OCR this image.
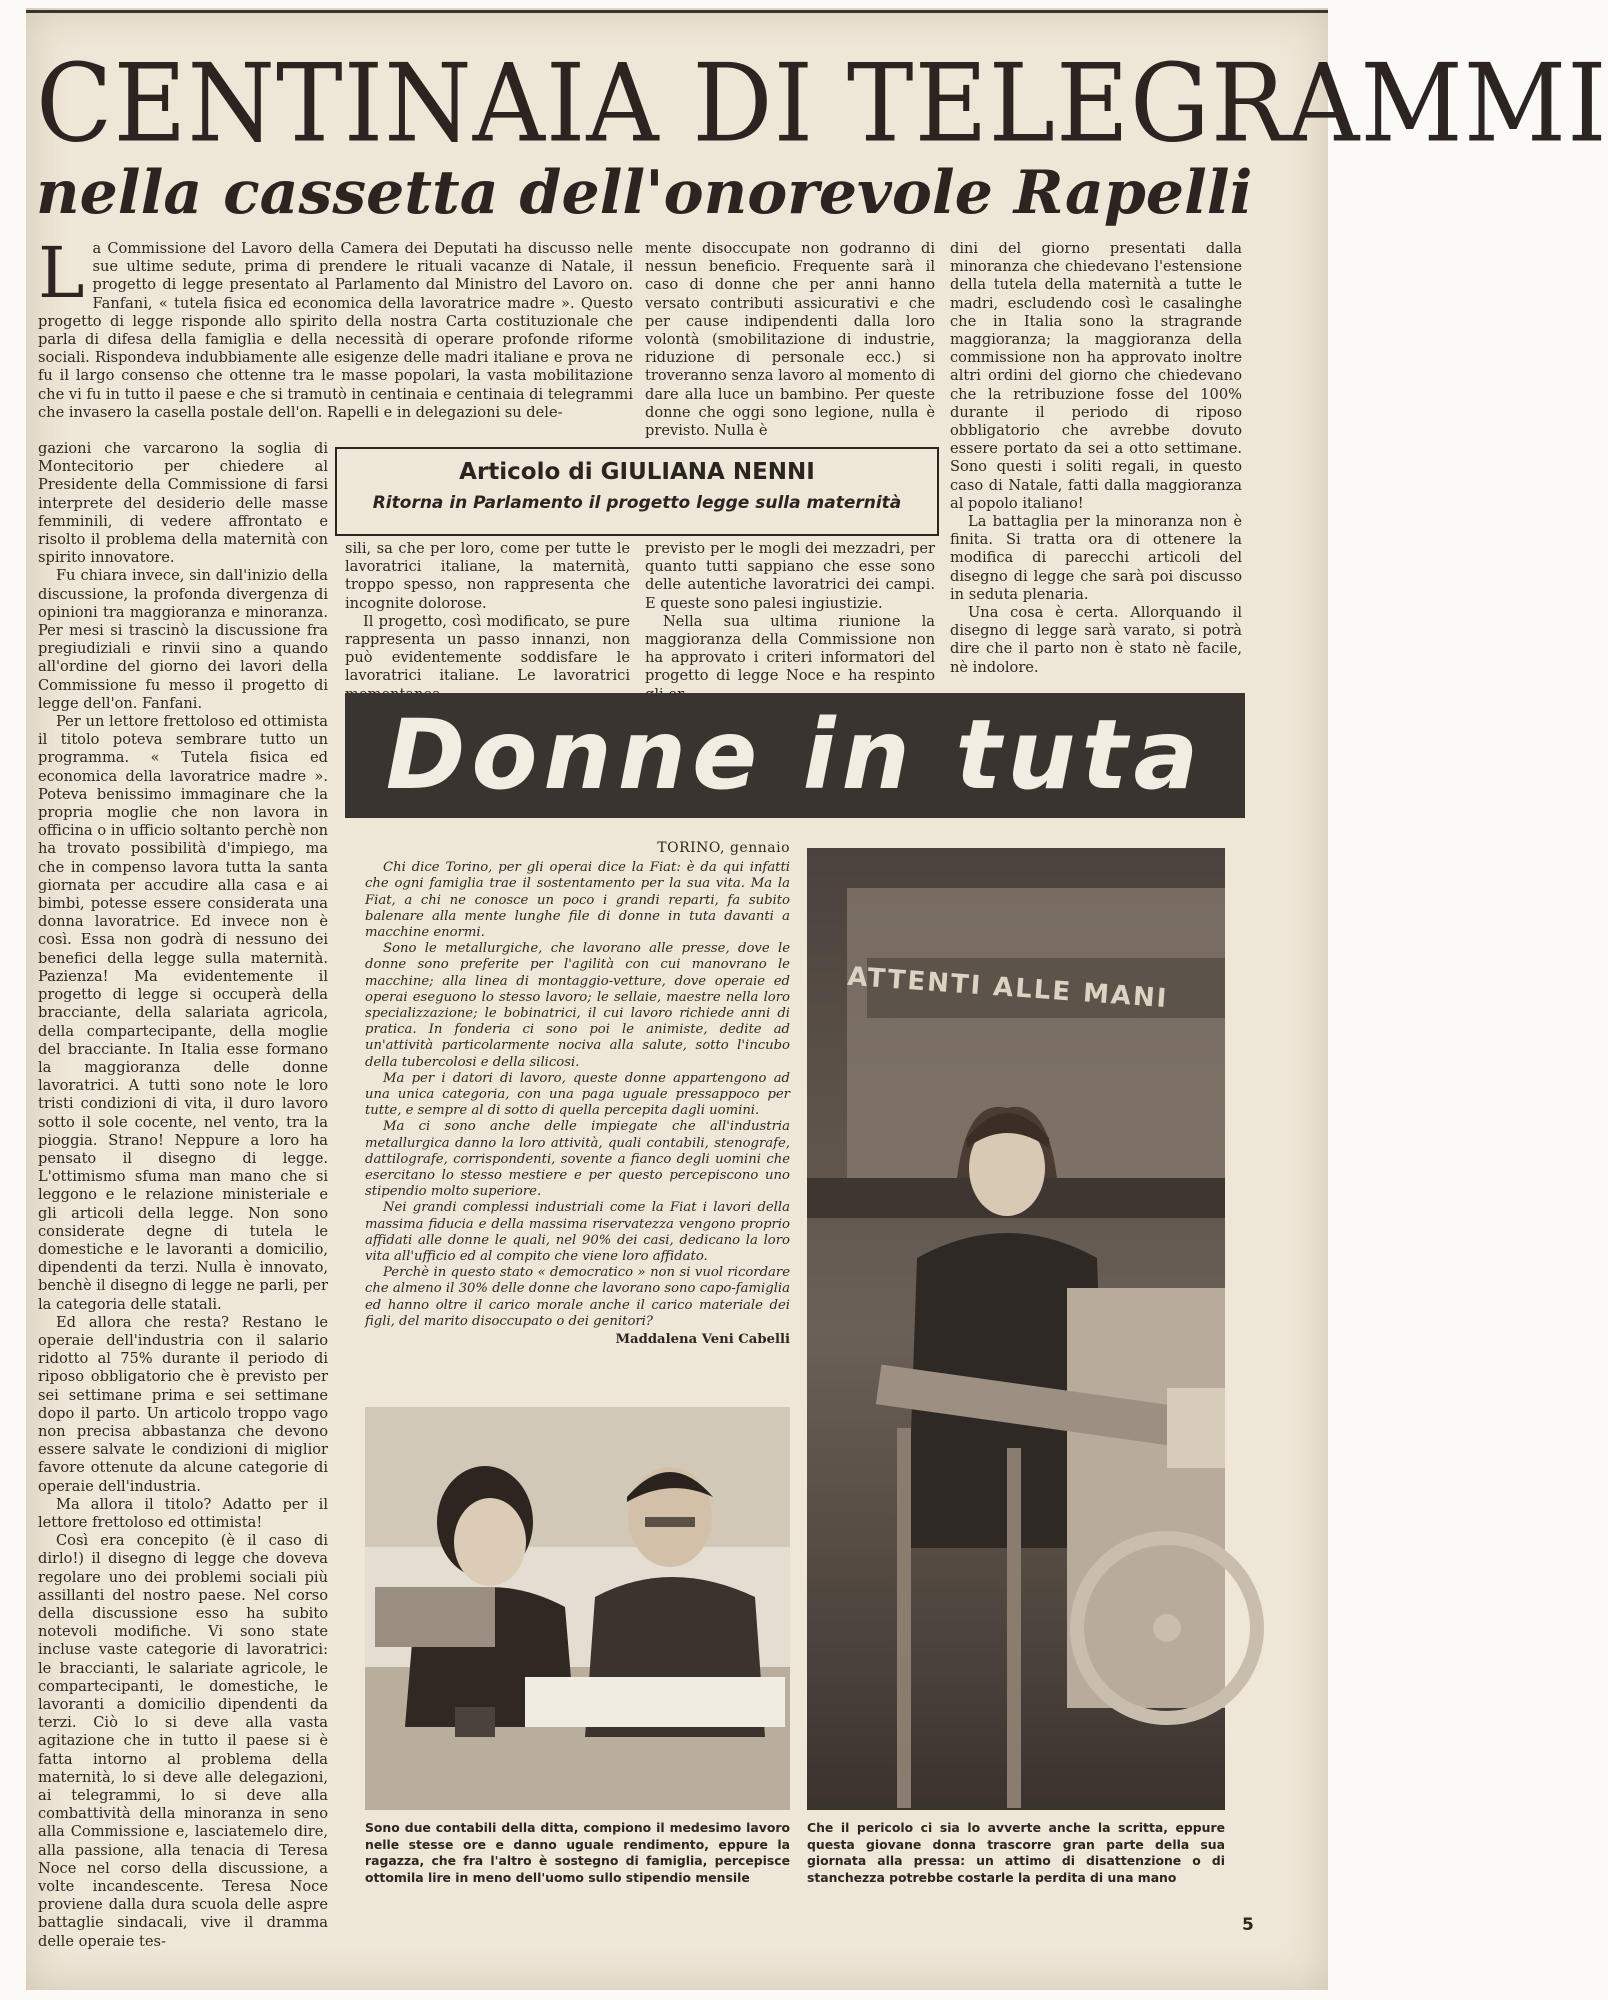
CENTINAIA DI TELEGRAMMI
nella cassetta dell'onorevole Rapelli

La Commissione del Lavoro della Camera dei Deputati ha discusso nelle sue ultime sedute, prima di prendere le rituali vacanze di Natale, il progetto di legge presentato al Parlamento dal Ministro del Lavoro on. Fanfani, « tutela fisica ed economica della lavoratrice madre ». Questo progetto di legge risponde allo spirito della nostra Carta costituzionale che parla di difesa della famiglia e della necessità di operare profonde riforme sociali. Rispondeva indubbiamente alle esigenze delle madri italiane e prova ne fu il largo consenso che ottenne tra le masse popolari, la vasta mobilitazione che vi fu in tutto il paese e che si tramutò in centinaia e centinaia di telegrammi che invasero la casella postale dell'on. Rapelli e in delegazioni su dele-

gazioni che varcarono la soglia di Montecitorio per chiedere al Presidente della Commissione di farsi interprete del desiderio delle masse femminili, di vedere affrontato e risolto il problema della maternità con spirito innovatore.

Fu chiara invece, sin dall'inizio della discussione, la profonda divergenza di opinioni tra maggioranza e minoranza. Per mesi si trascinò la discussione fra pregiudiziali e rinvii sino a quando all'ordine del giorno dei lavori della Commissione fu messo il progetto di legge dell'on. Fanfani.

Per un lettore frettoloso ed ottimista il titolo poteva sembrare tutto un programma. « Tutela fisica ed economica della lavoratrice madre ». Poteva benissimo immaginare che la propria moglie che non lavora in officina o in ufficio soltanto perchè non ha trovato possibilità d'impiego, ma che in compenso lavora tutta la santa giornata per accudire alla casa e ai bimbi, potesse essere considerata una donna lavoratrice. Ed invece non è così. Essa non godrà di nessuno dei benefici della legge sulla maternità. Pazienza! Ma evidentemente il progetto di legge si occuperà della bracciante, della salariata agricola, della compartecipante, della moglie del bracciante. In Italia esse formano la maggioranza delle donne lavoratrici. A tutti sono note le loro tristi condizioni di vita, il duro lavoro sotto il sole cocente, nel vento, tra la pioggia. Strano! Neppure a loro ha pensato il disegno di legge. L'ottimismo sfuma man mano che si leggono e le relazione ministeriale e gli articoli della legge. Non sono considerate degne di tutela le domestiche e le lavoranti a domicilio, dipendenti da terzi. Nulla è innovato, benchè il disegno di legge ne parli, per la categoria delle statali.

Ed allora che resta? Restano le operaie dell'industria con il salario ridotto al 75% durante il periodo di riposo obbligatorio che è previsto per sei settimane prima e sei settimane dopo il parto. Un articolo troppo vago non precisa abbastanza che devono essere salvate le condizioni di miglior favore ottenute da alcune categorie di operaie dell'industria.

Ma allora il titolo? Adatto per il lettore frettoloso ed ottimista!

Così era concepito (è il caso di dirlo!) il disegno di legge che doveva regolare uno dei problemi sociali più assillanti del nostro paese. Nel corso della discussione esso ha subito notevoli modifiche. Vi sono state incluse vaste categorie di lavoratrici: le braccianti, le salariate agricole, le compartecipanti, le domestiche, le lavoranti a domicilio dipendenti da terzi. Ciò lo si deve alla vasta agitazione che in tutto il paese si è fatta intorno al problema della maternità, lo si deve alle delegazioni, ai telegrammi, lo si deve alla combattività della minoranza in seno alla Commissione e, lasciatemelo dire, alla passione, alla tenacia di Teresa Noce nel corso della discussione, a volte incandescente. Teresa Noce proviene dalla dura scuola delle aspre battaglie sindacali, vive il dramma delle operaie tes-

Articolo di GIULIANA NENNI
Ritorna in Parlamento il progetto legge sulla maternità

sili, sa che per loro, come per tutte le lavoratrici italiane, la maternità, troppo spesso, non rappresenta che incognite dolorose.

Il progetto, così modificato, se pure rappresenta un passo innanzi, non può evidentemente soddisfare le lavoratrici italiane. Le lavoratrici

mente disoccupate non godranno di nessun beneficio. Frequente sarà il caso di donne che per anni hanno versato contributi assicurativi e che per cause indipendenti dalla loro volontà (smobilitazione di industrie, riduzione di personale ecc.) si troveranno senza lavoro al momento di dare alla luce un bambino. Per queste donne che oggi sono legione, nulla è previsto. Nulla è

previsto per le mogli dei mezzadri, per quanto tutti sappiano che esse sono delle autentiche lavoratrici dei campi. E queste sono palesi ingiustizie.

Nella sua ultima riunione la maggioranza della Commissione non ha approvato i criteri informatori del progetto di legge Noce e ha respinto

dini del giorno presentati dalla minoranza che chiedevano l'estensione della tutela della maternità a tutte le madri, escludendo così le casalinghe che in Italia sono la stragrande maggioranza; la maggioranza della commissione non ha approvato inoltre altri ordini del giorno che chiedevano che la retribuzione fosse del 100% durante il periodo di riposo obbligatorio che avrebbe dovuto essere portato da sei a otto settimane. Sono questi i soliti regali, in questo caso di Natale, fatti dalla maggioranza al popolo italiano!

La battaglia per la minoranza non è finita. Si tratta ora di ottenere la modifica di parecchi articoli del disegno di legge che sarà poi discusso in seduta plenaria.

Una cosa è certa. Allorquando il disegno di legge sarà varato, si potrà dire che il parto non è stato nè facile, nè indolore.

Donne in tuta
TORINO, gennaio

Chi dice Torino, per gli operai dice la Fiat: è da qui infatti che ogni famiglia trae il sostentamento per la sua vita. Ma la Fiat, a chi ne conosce un poco i grandi reparti, fa subito balenare alla mente lunghe file di donne in tuta davanti a macchine enormi.

Sono le metallurgiche, che lavorano alle presse, dove le donne sono preferite per l'agilità con cui manovrano le macchine; alla linea di montaggio-vetture, dove operaie ed operai eseguono lo stesso lavoro; le sellaie, maestre nella loro specializzazione; le bobinatrici, il cui lavoro richiede anni di pratica. In fonderia ci sono poi le animiste, dedite ad un'attività particolarmente nociva alla salute, sotto l'incubo della tubercolosi e della silicosi.

Ma per i datori di lavoro, queste donne appartengono ad una unica categoria, con una paga uguale pressappoco per tutte, e sempre al di sotto di quella percepita dagli uomini.

Ma ci sono anche delle impiegate che all'industria metallurgica danno la loro attività, quali contabili, stenografe, dattilografe, corrispondenti, sovente a fianco degli uomini che esercitano lo stesso mestiere e per questo percepiscono uno stipendio molto superiore.

Nei grandi complessi industriali come la Fiat i lavori della massima fiducia e della massima riservatezza vengono proprio affidati alle donne le quali, nel 90% dei casi, dedicano la loro vita all'ufficio ed al compito che viene loro affidato.

Perchè in questo stato « democratico » non si vuol ricordare che almeno il 30% delle donne che lavorano sono capo-famiglia ed hanno oltre il carico morale anche il carico materiale dei figli, del marito disoccupato o dei genitori?

Maddalena Veni Cabelli
ATTENTI ALLE MANI
Sono due contabili della ditta, compiono il medesimo lavoro nelle stesse ore e danno uguale rendimento, eppure la ragazza, che fra l'altro è sostegno di famiglia, percepisce ottomila lire in meno dell'uomo sullo stipendio mensile
Che il pericolo ci sia lo avverte anche la scritta, eppure questa giovane donna trascorre gran parte della sua giornata alla pressa: un attimo di disattenzione o di stanchezza potrebbe costarle la perdita di una mano
5
